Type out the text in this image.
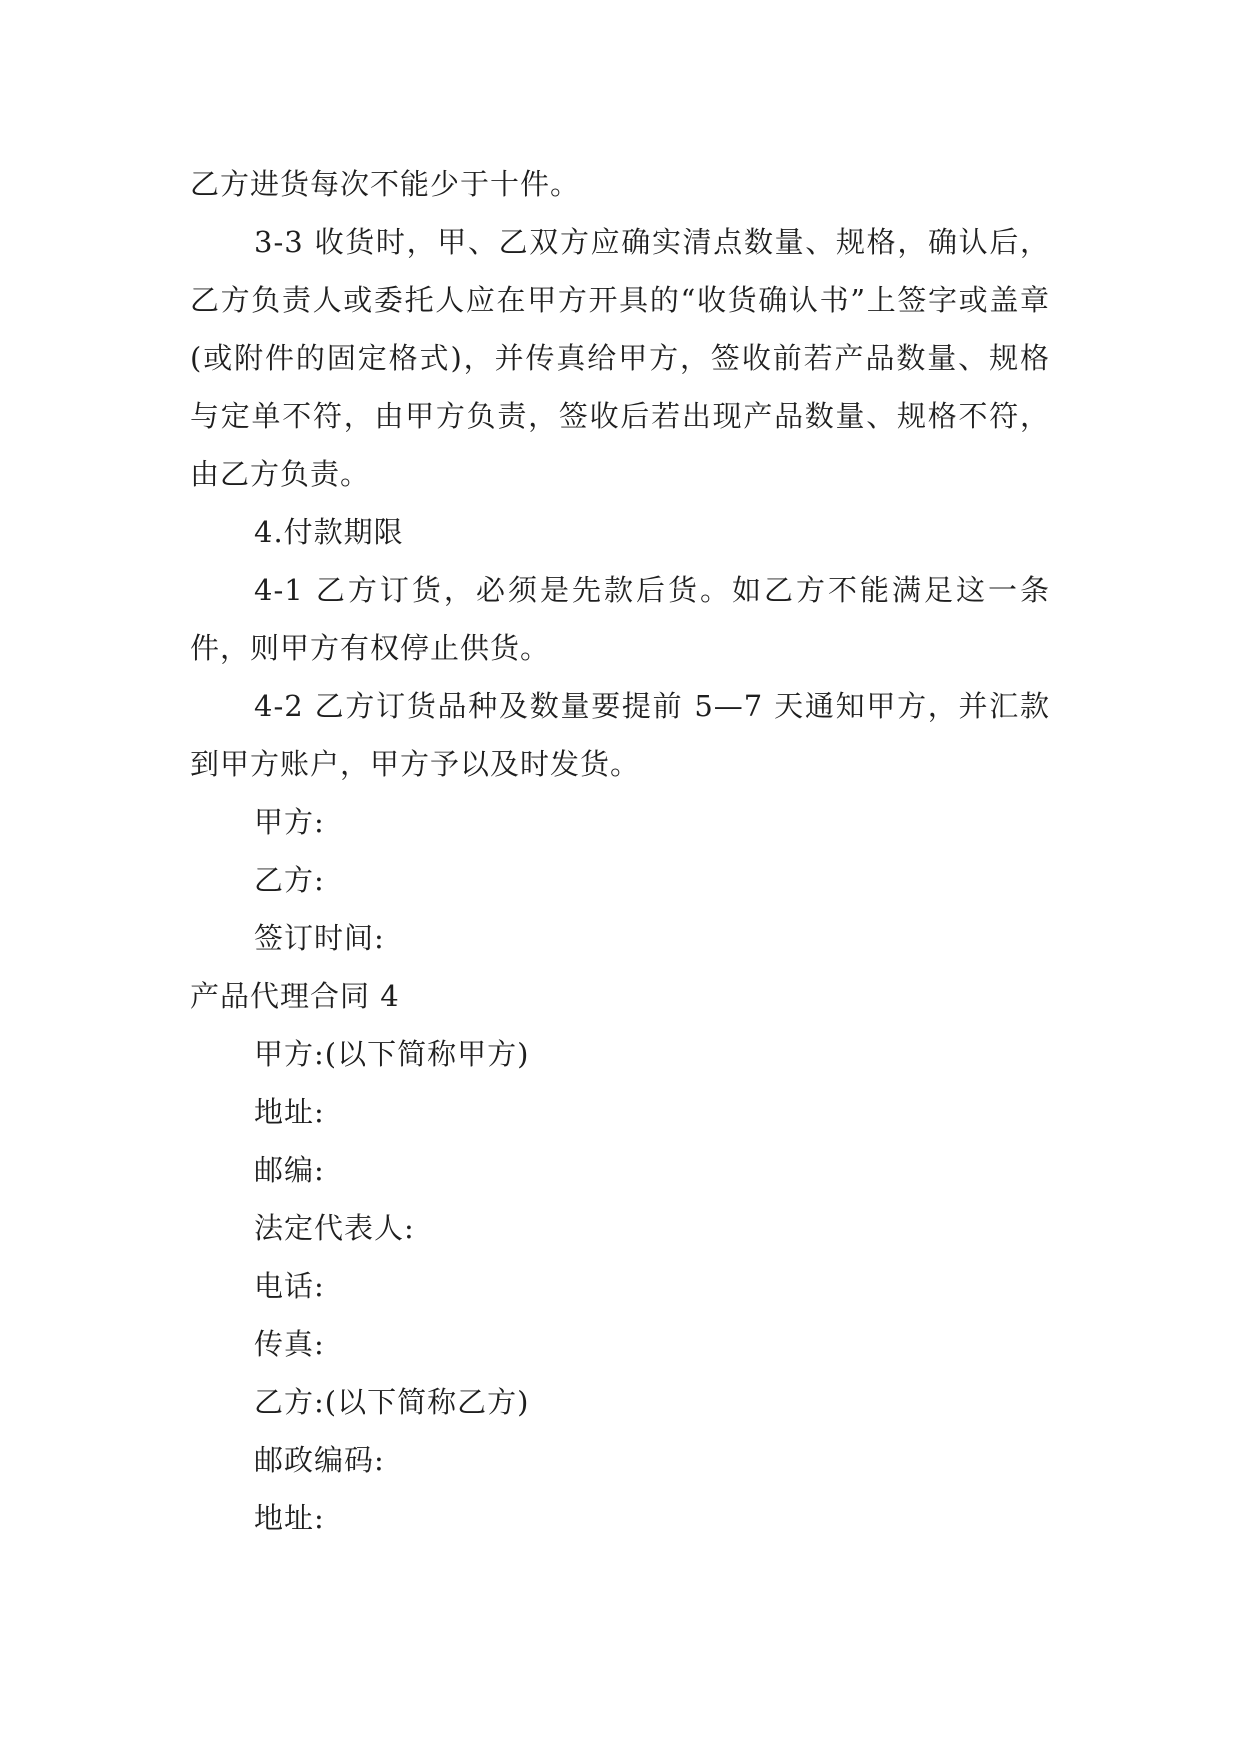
乙方进货每次不能少于十件。

3-3 收货时，甲、乙双方应确实清点数量、规格，确认后，乙方负责人或委托人应在甲方开具的“收货确认书”上签字或盖章(或附件的固定格式)，并传真给甲方，签收前若产品数量、规格与定单不符，由甲方负责，签收后若出现产品数量、规格不符，由乙方负责。

4.付款期限

4-1 乙方订货，必须是先款后货。如乙方不能满足这一条件，则甲方有权停止供货。

4-2 乙方订货品种及数量要提前 5—7 天通知甲方，并汇款到甲方账户，甲方予以及时发货。

甲方:

乙方:

签订时间:

产品代理合同 4

甲方:(以下简称甲方)

地址:

邮编:

法定代表人:

电话:

传真:

乙方:(以下简称乙方)

邮政编码:

地址:
